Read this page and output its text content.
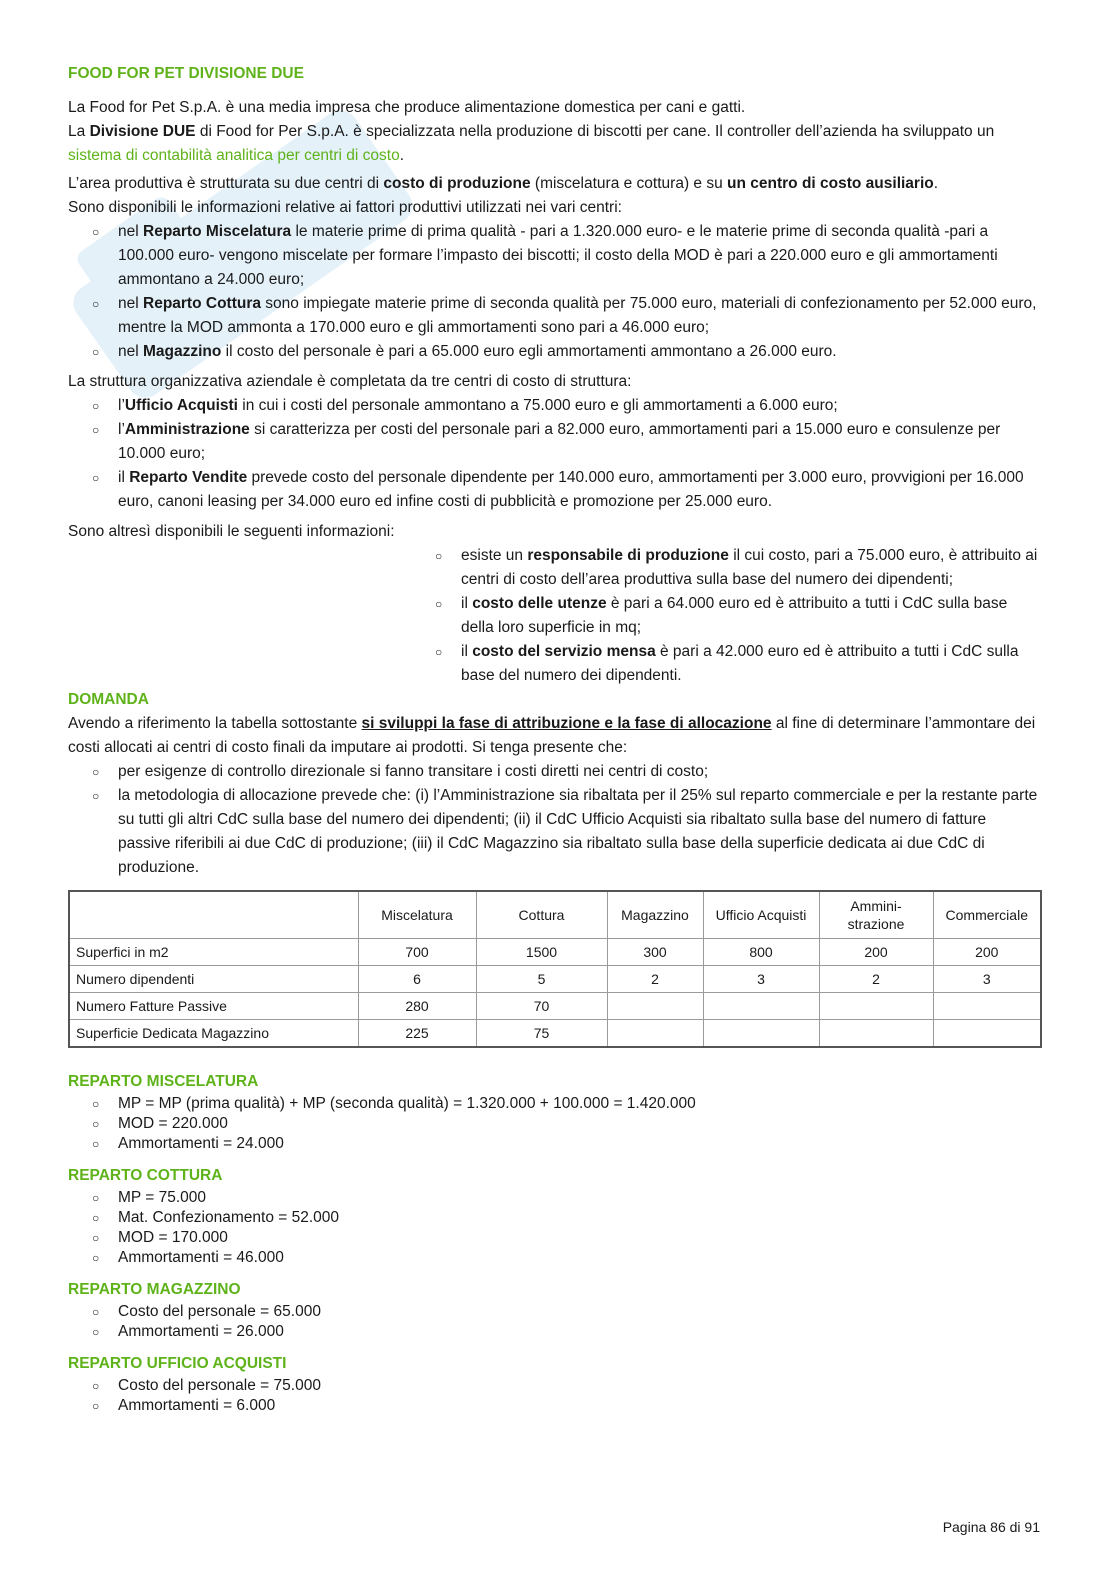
FOOD FOR PET DIVISIONE DUE

La Food for Pet S.p.A. è una media impresa che produce alimentazione domestica per cani e gatti.

La Divisione DUE di Food for Per S.p.A. è specializzata nella produzione di biscotti per cane. Il controller dell’azienda ha sviluppato un sistema di contabilità analitica per centri di costo.

L’area produttiva è strutturata su due centri di costo di produzione (miscelatura e cottura) e su un centro di costo ausiliario.

Sono disponibili le informazioni relative ai fattori produttivi utilizzati nei vari centri:

○ nel Reparto Miscelatura le materie prime di prima qualità - pari a 1.320.000 euro- e le materie prime di seconda qualità -pari a 100.000 euro- vengono miscelate per formare l’impasto dei biscotti; il costo della MOD è pari a 220.000 euro e gli ammortamenti ammontano a 24.000 euro;
○ nel Reparto Cottura sono impiegate materie prime di seconda qualità per 75.000 euro, materiali di confezionamento per 52.000 euro, mentre la MOD ammonta a 170.000 euro e gli ammortamenti sono pari a 46.000 euro;
○ nel Magazzino il costo del personale è pari a 65.000 euro egli ammortamenti ammontano a 26.000 euro.

La struttura organizzativa aziendale è completata da tre centri di costo di struttura:

○ l’Ufficio Acquisti in cui i costi del personale ammontano a 75.000 euro e gli ammortamenti a 6.000 euro;
○ l’Amministrazione si caratterizza per costi del personale pari a 82.000 euro, ammortamenti pari a 15.000 euro e consulenze per 10.000 euro;
○ il Reparto Vendite prevede costo del personale dipendente per 140.000 euro, ammortamenti per 3.000 euro, provvigioni per 16.000 euro, canoni leasing per 34.000 euro ed infine costi di pubblicità e promozione per 25.000 euro.

Sono altresì disponibili le seguenti informazioni:

○ esiste un responsabile di produzione il cui costo, pari a 75.000 euro, è attribuito ai centri di costo dell’area produttiva sulla base del numero dei dipendenti;
○ il costo delle utenze è pari a 64.000 euro ed è attribuito a tutti i CdC sulla base della loro superficie in mq;
○ il costo del servizio mensa è pari a 42.000 euro ed è attribuito a tutti i CdC sulla base del numero dei dipendenti.

DOMANDA

Avendo a riferimento la tabella sottostante si sviluppi la fase di attribuzione e la fase di allocazione al fine di determinare l’ammontare dei costi allocati ai centri di costo finali da imputare ai prodotti. Si tenga presente che:

○ per esigenze di controllo direzionale si fanno transitare i costi diretti nei centri di costo;
○ la metodologia di allocazione prevede che: (i) l’Amministrazione sia ribaltata per il 25% sul reparto commerciale e per la restante parte su tutti gli altri CdC sulla base del numero dei dipendenti; (ii) il CdC Ufficio Acquisti sia ribaltato sulla base del numero di fatture passive riferibili ai due CdC di produzione; (iii) il CdC Magazzino sia ribaltato sulla base della superficie dedicata ai due CdC di produzione.
	Miscelatura	Cottura	Magazzino	Ufficio Acquisti	Ammini-strazione	Commerciale
Superfici in m2	700	1500	300	800	200	200
Numero dipendenti	6	5	2	3	2	3
Numero Fatture Passive	280	70				
Superficie Dedicata Magazzino	225	75				

REPARTO MISCELATURA

○ MP = MP (prima qualità) + MP (seconda qualità) = 1.320.000 + 100.000 = 1.420.000
○ MOD = 220.000
○ Ammortamenti = 24.000

REPARTO COTTURA

○ MP = 75.000
○ Mat. Confezionamento = 52.000
○ MOD = 170.000
○ Ammortamenti = 46.000

REPARTO MAGAZZINO

○ Costo del personale = 65.000
○ Ammortamenti = 26.000

REPARTO UFFICIO ACQUISTI

○ Costo del personale = 75.000
○ Ammortamenti = 6.000
Pagina 86 di 91
